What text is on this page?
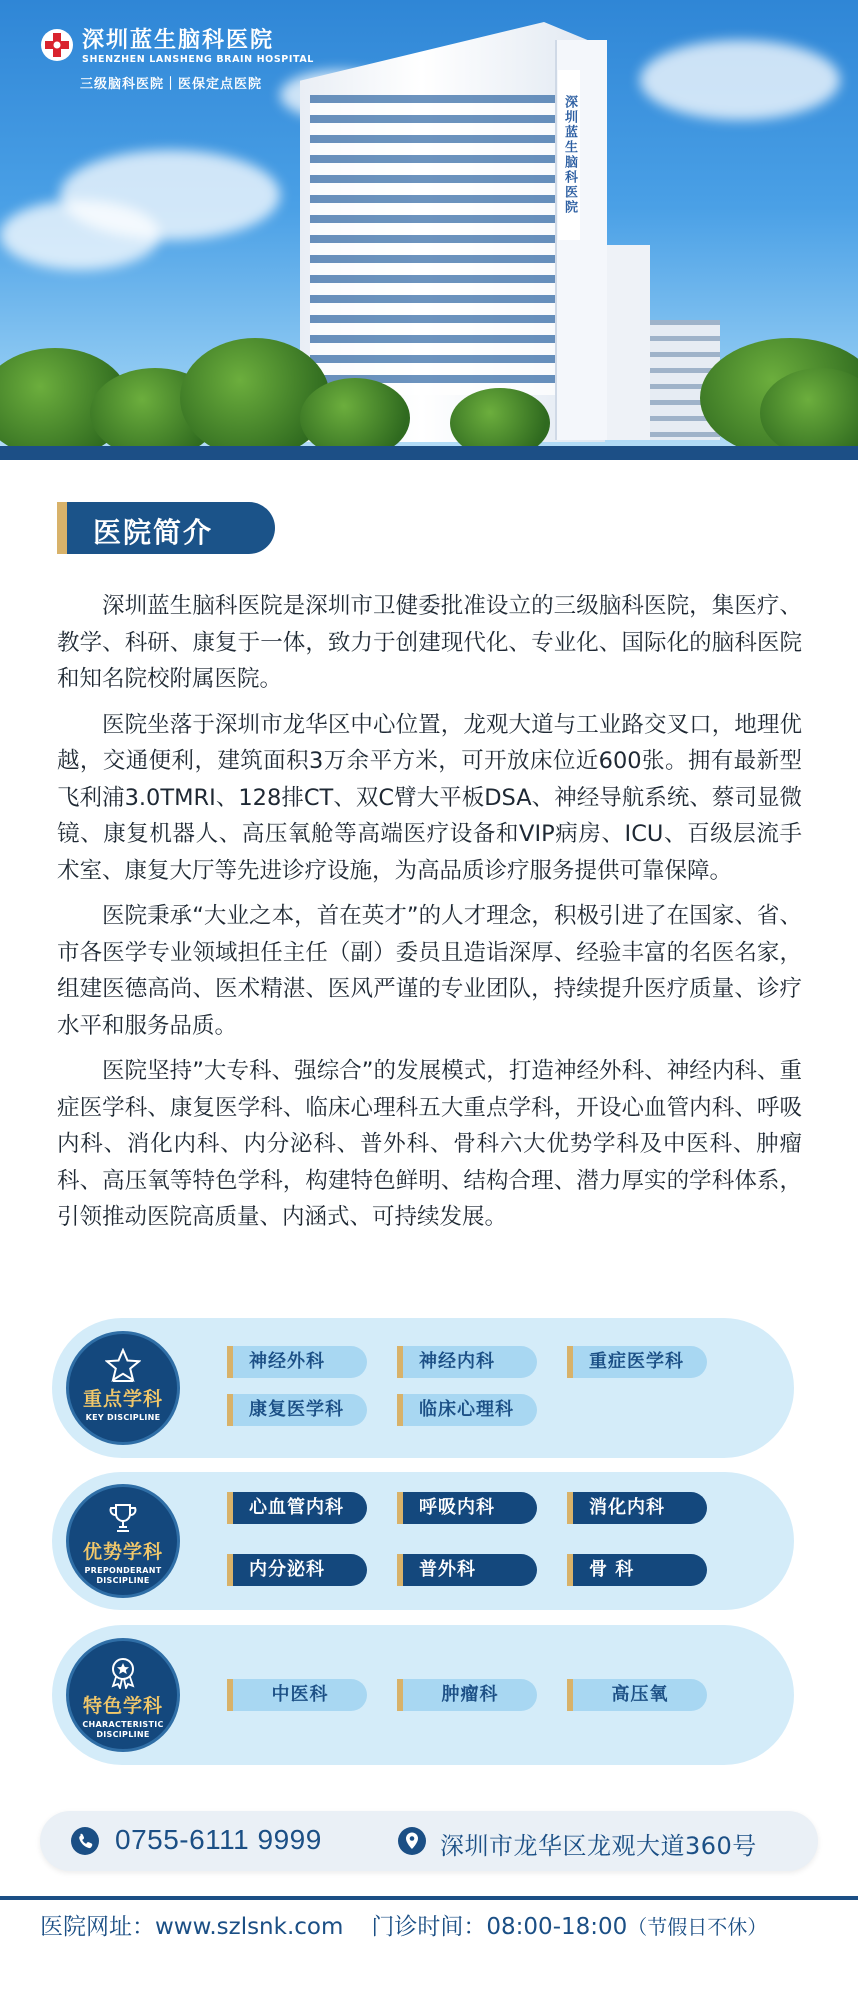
深圳蓝生脑科医院
深圳蓝生脑科医院
SHENZHEN LANSHENG BRAIN HOSPITAL
三级脑科医院｜医保定点医院
医院简介

深圳蓝生脑科医院是深圳市卫健委批准设立的三级脑科医院，集医疗、教学、科研、康复于一体，致力于创建现代化、专业化、国际化的脑科医院和知名院校附属医院。

医院坐落于深圳市龙华区中心位置，龙观大道与工业路交叉口，地理优越，交通便利，建筑面积3万余平方米，可开放床位近600张。拥有最新型飞利浦3.0TMRI、128排CT、双C臂大平板DSA、神经导航系统、蔡司显微镜、康复机器人、高压氧舱等高端医疗设备和VIP病房、ICU、百级层流手术室、康复大厅等先进诊疗设施，为高品质诊疗服务提供可靠保障。

医院秉承“大业之本，首在英才”的人才理念，积极引进了在国家、省、市各医学专业领域担任主任（副）委员且造诣深厚、经验丰富的名医名家，组建医德高尚、医术精湛、医风严谨的专业团队，持续提升医疗质量、诊疗水平和服务品质。

医院坚持”大专科、强综合”的发展模式，打造神经外科、神经内科、重症医学科、康复医学科、临床心理科五大重点学科，开设心血管内科、呼吸内科、消化内科、内分泌科、普外科、骨科六大优势学科及中医科、肿瘤科、高压氧等特色学科，构建特色鲜明、结构合理、潜力厚实的学科体系，引领推动医院高质量、内涵式、可持续发展。

重点学科
KEY DISCIPLINE
神经外科	神经内科	重症医学科
康复医学科	临床心理科
优势学科
PREPONDERANT
DISCIPLINE
心血管内科	呼吸内科	消化内科
内分泌科	普外科	骨 科
特色学科
CHARACTERISTIC
DISCIPLINE
中医科	肿瘤科	高压氧
0755-6111 9999	深圳市龙华区龙观大道360号
医院网址：www.szlsnk.com 门诊时间：08:00-18:00（节假日不休）
